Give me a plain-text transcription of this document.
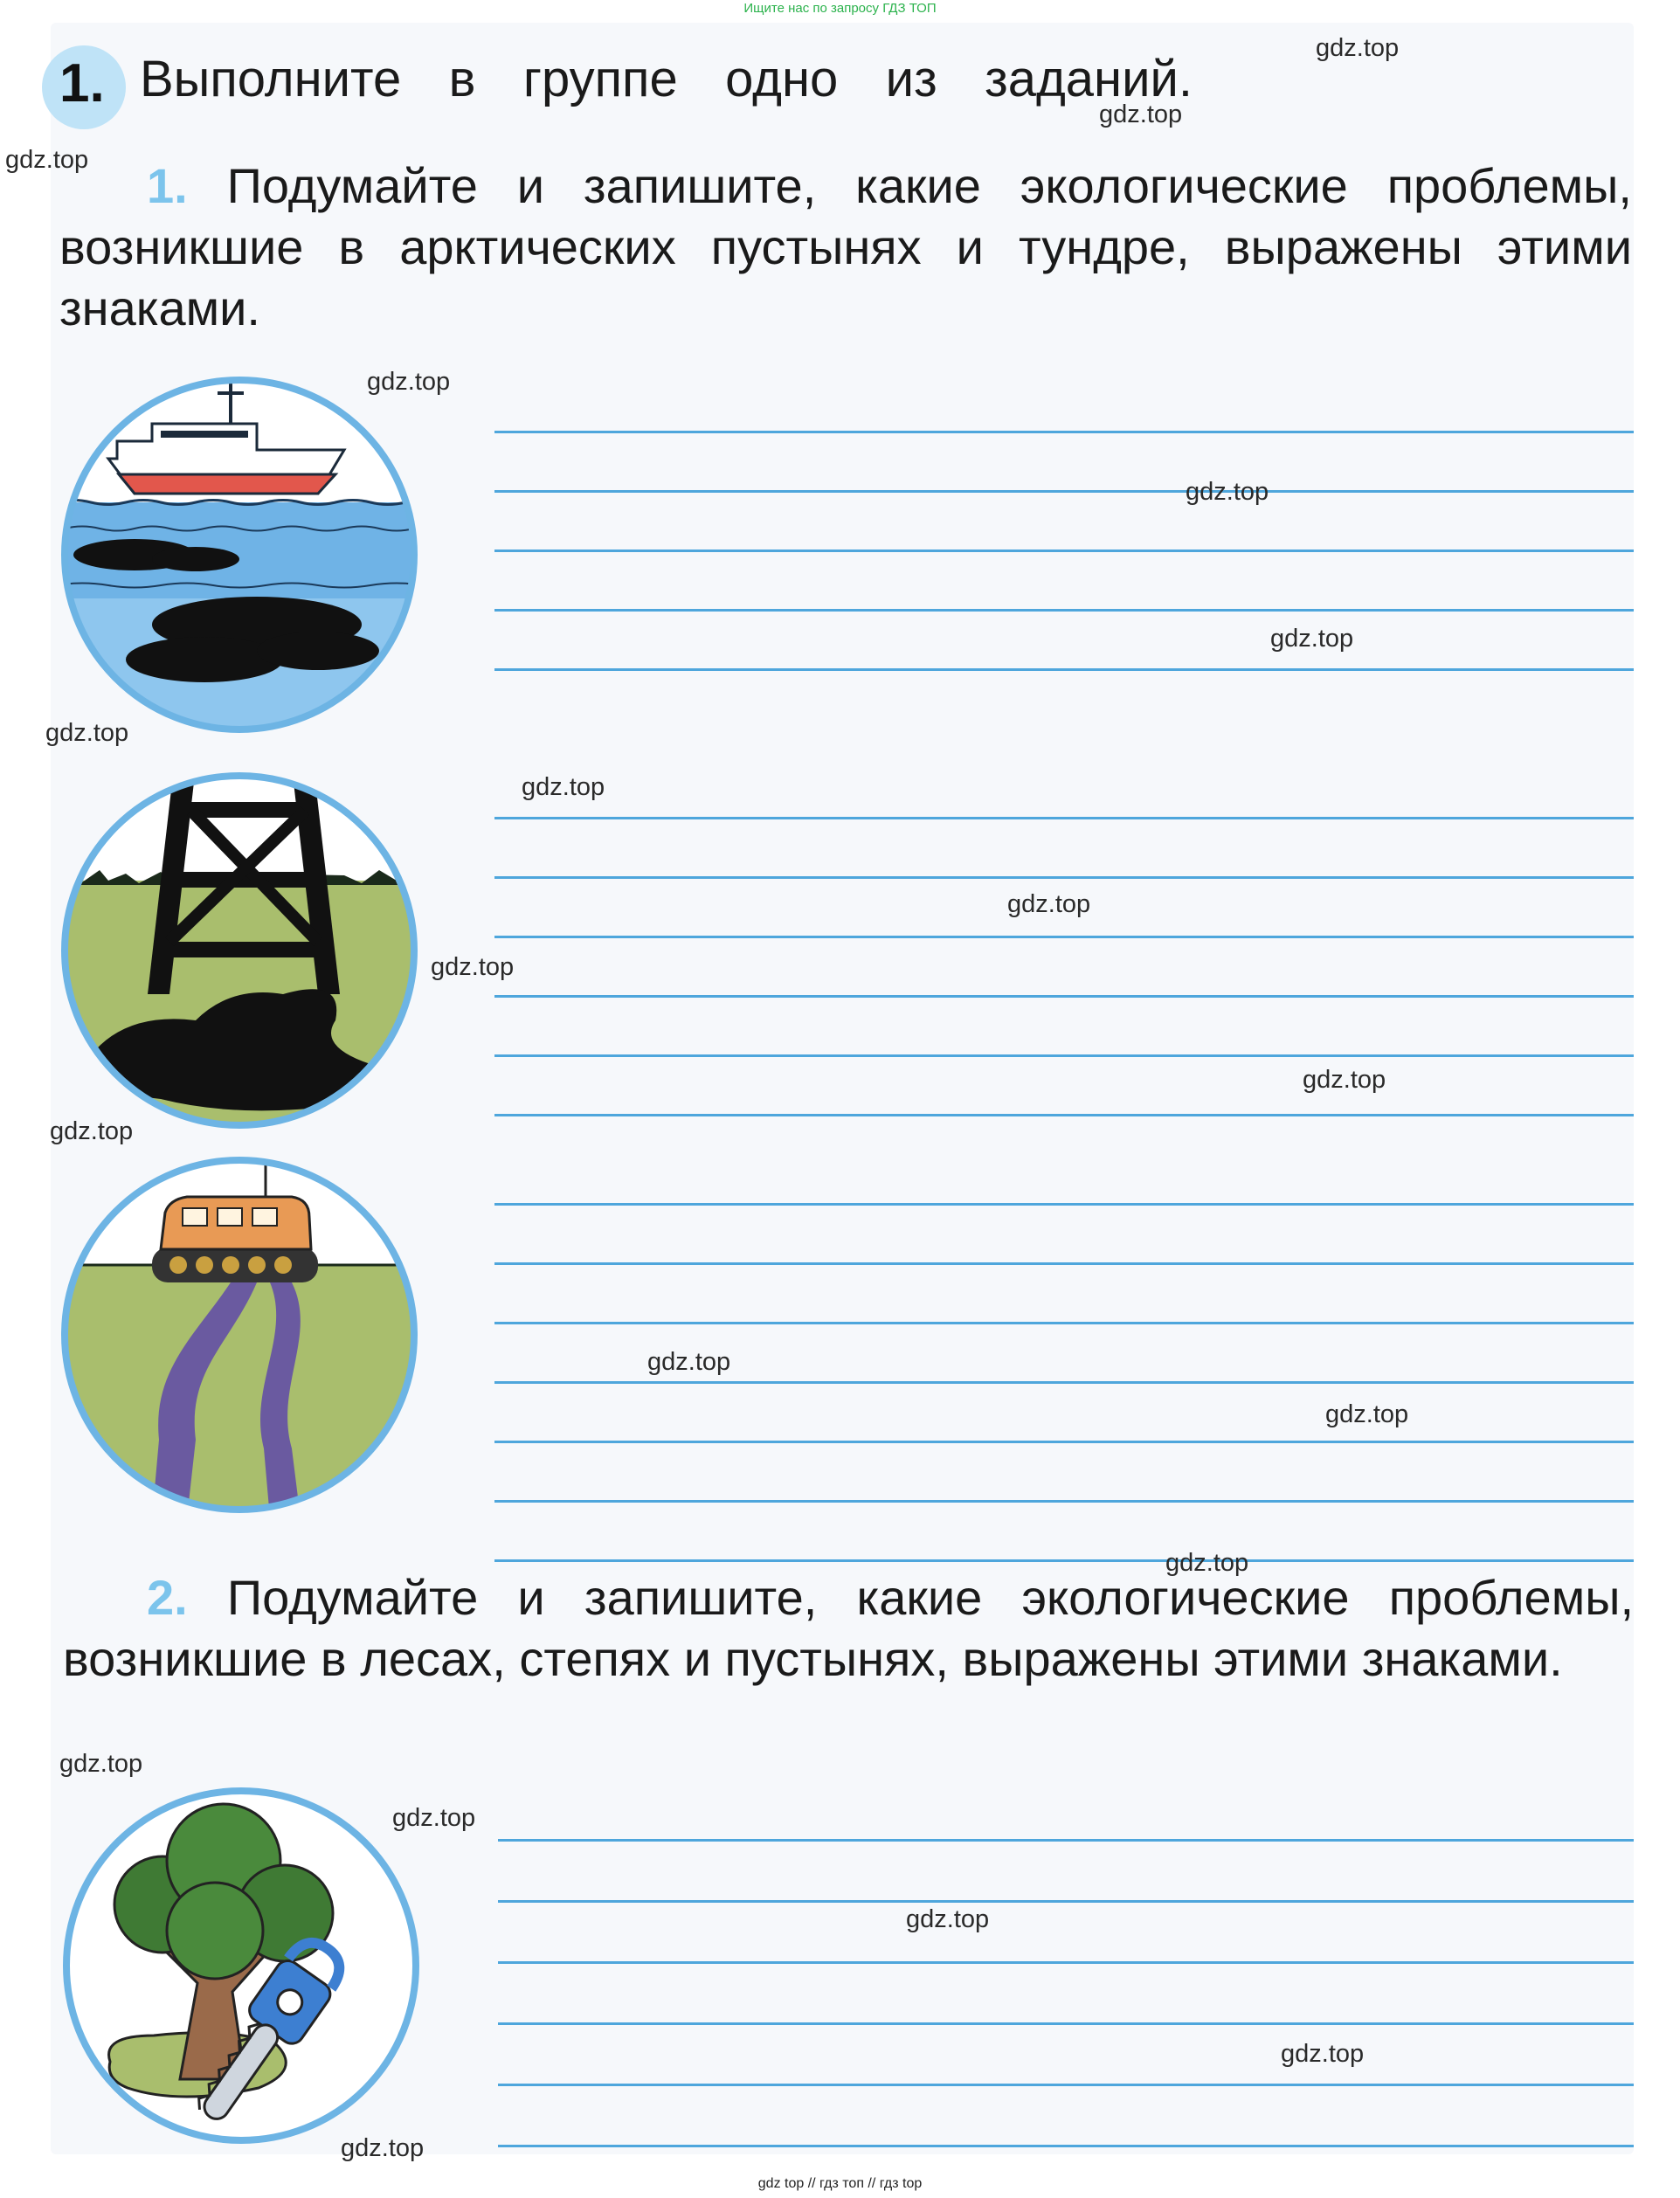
Ищите нас по запросу ГДЗ ТОП
1. Выполните в группе одно из заданий.
1. Подумайте и запишите, какие экологические проблемы, возникшие в арктических пустынях и тундре, выражены этими знаками.
2. Подумайте и запишите, какие экологические проблемы, возникшие в лесах, степях и пустынях, выражены этими знаками.
gdz.top
gdz.top
gdz.top
gdz.top
gdz.top
gdz.top
gdz.top
gdz.top
gdz.top
gdz.top
gdz.top
gdz.top
gdz.top
gdz.top
gdz.top
gdz.top
gdz.top
gdz.top
gdz.top
gdz.top
gdz top // гдз топ // гдз top
